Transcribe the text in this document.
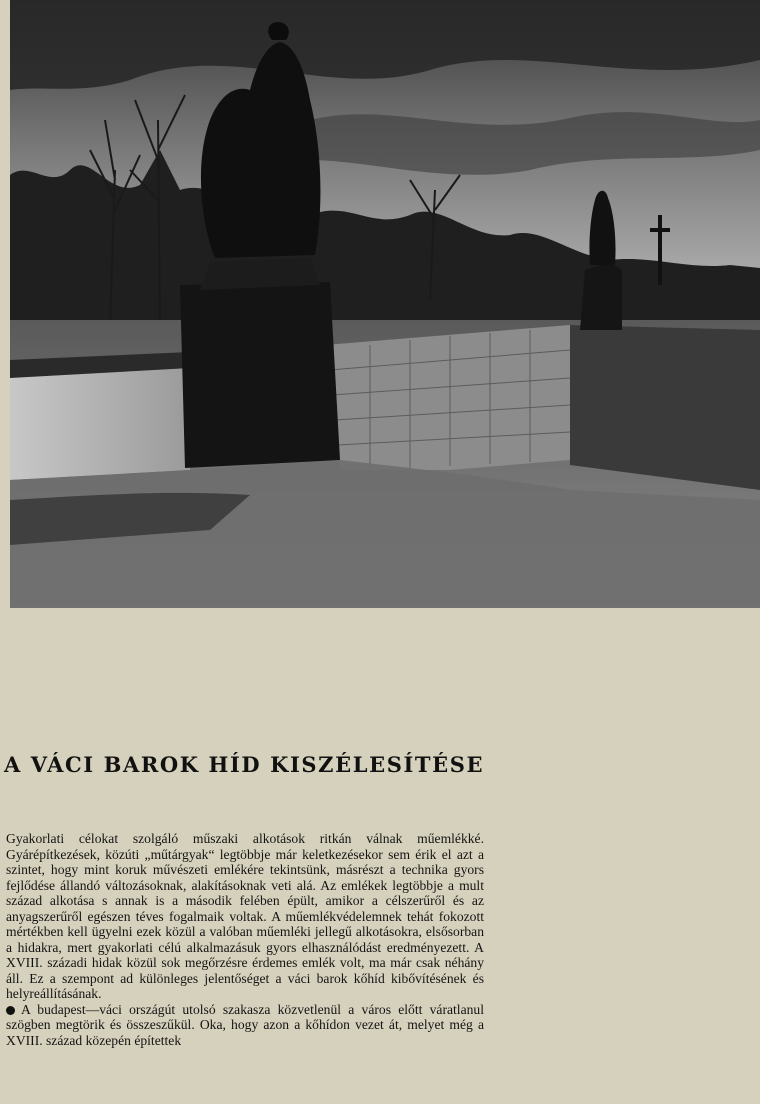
A VÁCI BAROK HÍD KISZÉLESÍTÉSE

Gyakorlati célokat szolgáló műszaki alkotások ritkán válnak műemlékké. Gyárépítkezések, közúti „műtárgyak“ legtöbbje már keletkezésekor sem érik el azt a szintet, hogy mint koruk művészeti emlékére tekintsünk, másrészt a technika gyors fejlődése állandó változásoknak, alakításoknak veti alá. Az emlékek legtöbbje a mult század alkotása s annak is a második felében épült, amikor a célszerűről és az anyagszerűről egészen téves fogalmaik voltak. A műemlékvédelemnek tehát fokozott mértékben kell ügyelni ezek közül a valóban műemléki jellegű alkotásokra, elsősorban a hidakra, mert gyakorlati célú alkalmazásuk gyors elhasználódást eredményezett. A XVIII. századi hidak közül sok megőrzésre érdemes emlék volt, ma már csak néhány áll. Ez a szempont ad különleges jelentőséget a váci barok kőhíd kibővítésének és helyreállításának.

A budapest—váci országút utolsó szakasza közvetlenül a város előtt váratlanul szögben megtörik és összeszűkül. Oka, hogy azon a kőhídon vezet át, melyet még a XVIII. század közepén építettek
